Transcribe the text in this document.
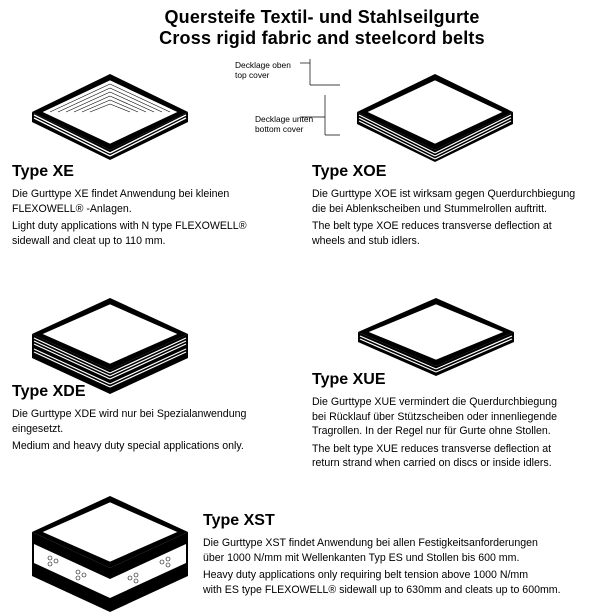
Quersteife Textil- und Stahlseilgurte
Cross rigid fabric and steelcord belts
Decklage oben
top cover
Decklage unten
bottom cover
Type XE

Die Gurttype XE findet Anwendung bei kleinen

FLEXOWELL® -Anlagen.

Light duty applications with N type FLEXOWELL®

sidewall and cleat up to 110 mm.

Type XOE

Die Gurttype XOE ist wirksam gegen Querdurchbiegung

die bei Ablenkscheiben und Stummelrollen auftritt.

The belt type XOE reduces transverse deflection at

wheels and stub idlers.

Type XDE

Die Gurttype XDE wird nur bei Spezialanwendung

eingesetzt.

Medium and heavy duty special applications only.

Type XUE

Die Gurttype XUE vermindert die Querdurchbiegung

bei Rücklauf über Stützscheiben oder innenliegende

Tragrollen. In der Regel nur für Gurte ohne Stollen.

The belt type XUE reduces transverse deflection at

return strand when carried on discs or inside idlers.

Type XST

Die Gurttype XST findet Anwendung bei allen Festigkeitsanforderungen

über 1000 N/mm mit Wellenkanten Typ ES und Stollen bis 600 mm.

Heavy duty applications only requiring belt tension above 1000 N/mm

with ES type FLEXOWELL® sidewall up to 630mm and cleats up to 600mm.
